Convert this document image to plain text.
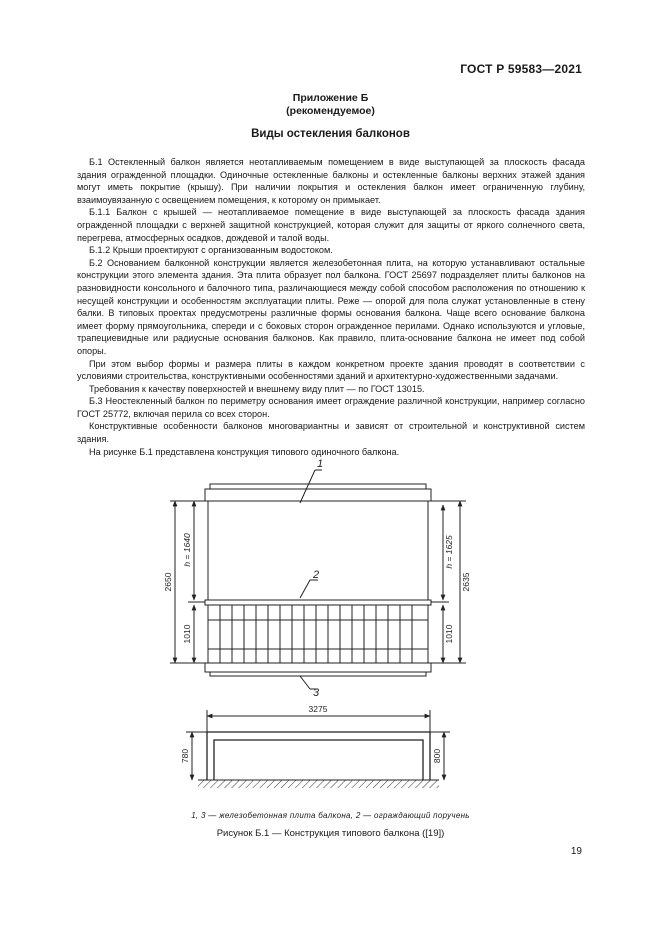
ГОСТ Р 59583—2021
Приложение Б
(рекомендуемое)
Виды остекления балконов

Б.1 Остекленный балкон является неотапливаемым помещением в виде выступающей за плоскость фасада здания огражденной площадки. Одиночные остекленные балконы и остекленные балконы верхних этажей здания могут иметь покрытие (крышу). При наличии покрытия и остекления балкон имеет ограниченную глубину, взаимоувязанную с освещением помещения, к которому он примыкает.

Б.1.1 Балкон с крышей — неотапливаемое помещение в виде выступающей за плоскость фасада здания огражденной площадки с верхней защитной конструкцией, которая служит для защиты от яркого солнечного света, перегрева, атмосферных осадков, дождевой и талой воды.

Б.1.2 Крыши проектируют с организованным водостоком.

Б.2 Основанием балконной конструкции является железобетонная плита, на которую устанавливают остальные конструкции этого элемента здания. Эта плита образует пол балкона. ГОСТ 25697 подразделяет плиты балконов на разновидности консольного и балочного типа, различающиеся между собой способом расположения по отношению к несущей конструкции и особенностям эксплуатации плиты. Реже — опорой для пола служат установленные в стену балки. В типовых проектах предусмотрены различные формы основания балкона. Чаще всего основание балкона имеет форму прямоугольника, спереди и с боковых сторон огражденное перилами. Однако используются и угловые, трапециевидные или радиусные основания балконов. Как правило, плита-основание балкона не имеет под собой опоры.

При этом выбор формы и размера плиты в каждом конкретном проекте здания проводят в соответствии с условиями строительства, конструктивными особенностями зданий и архитектурно-художественными задачами.

Требования к качеству поверхностей и внешнему виду плит — по ГОСТ 13015.

Б.3 Неостекленный балкон по периметру основания имеет ограждение различной конструкции, например согласно ГОСТ 25772, включая перила со всех сторон.

Конструктивные особенности балконов многовариантны и зависят от строительной и конструктивной систем здания.

На рисунке Б.1 представлена конструкция типового одиночного балкона.

1
2
3
2650
h = 1640
1010
2635
h = 1625
1010
3275
780	800
1, 3 — железобетонная плита балкона, 2 — ограждающий поручень
Рисунок Б.1 — Конструкция типового балкона ([19])
19
